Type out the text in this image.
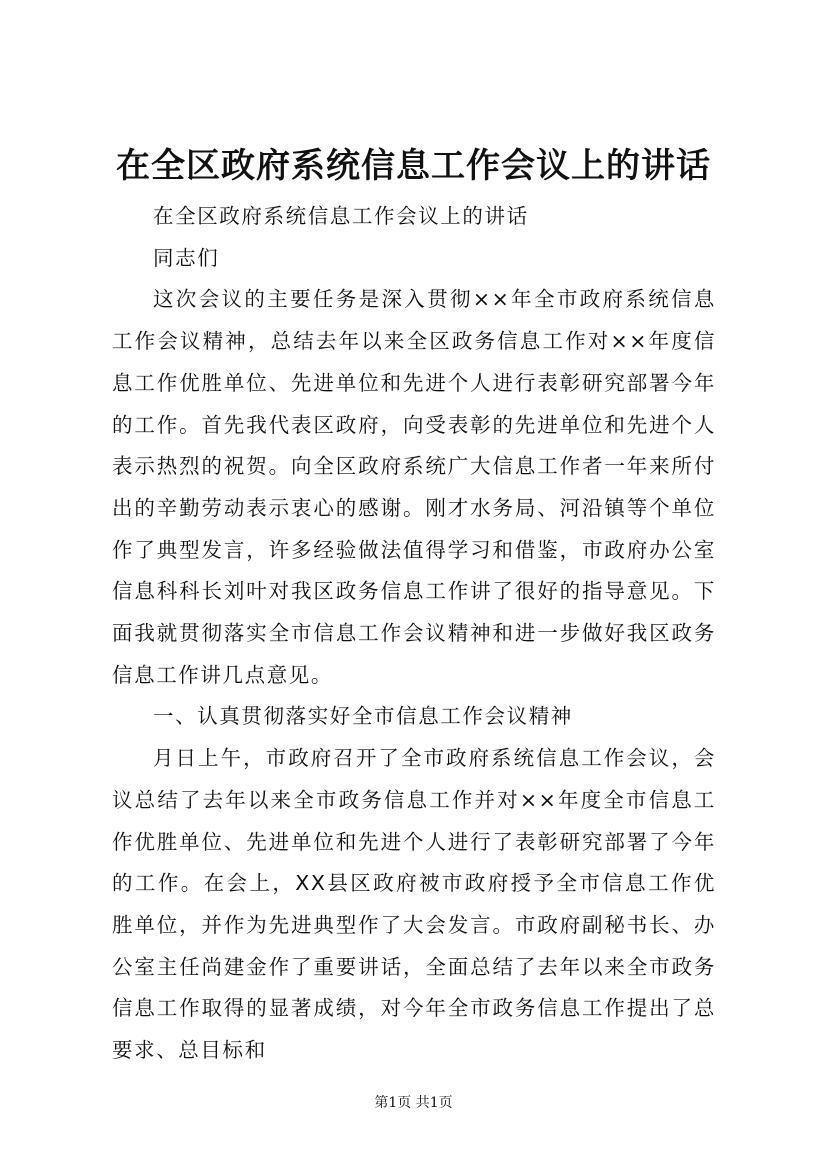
在全区政府系统信息工作会议上的讲话

在全区政府系统信息工作会议上的讲话

同志们

这次会议的主要任务是深入贯彻××年全市政府系统信息工作会议精神，总结去年以来全区政务信息工作对××年度信息工作优胜单位、先进单位和先进个人进行表彰研究部署今年的工作。首先我代表区政府，向受表彰的先进单位和先进个人表示热烈的祝贺。向全区政府系统广大信息工作者一年来所付出的辛勤劳动表示衷心的感谢。刚才水务局、河沿镇等个单位作了典型发言，许多经验做法值得学习和借鉴，市政府办公室信息科科长刘叶对我区政务信息工作讲了很好的指导意见。下面我就贯彻落实全市信息工作会议精神和进一步做好我区政务信息工作讲几点意见。

一、认真贯彻落实好全市信息工作会议精神

月日上午，市政府召开了全市政府系统信息工作会议，会议总结了去年以来全市政务信息工作并对××年度全市信息工作优胜单位、先进单位和先进个人进行了表彰研究部署了今年的工作。在会上，XX县区政府被市政府授予全市信息工作优胜单位，并作为先进典型作了大会发言。市政府副秘书长、办公室主任尚建金作了重要讲话，全面总结了去年以来全市政务信息工作取得的显著成绩，对今年全市政务信息工作提出了总要求、总目标和

第1页 共1页
